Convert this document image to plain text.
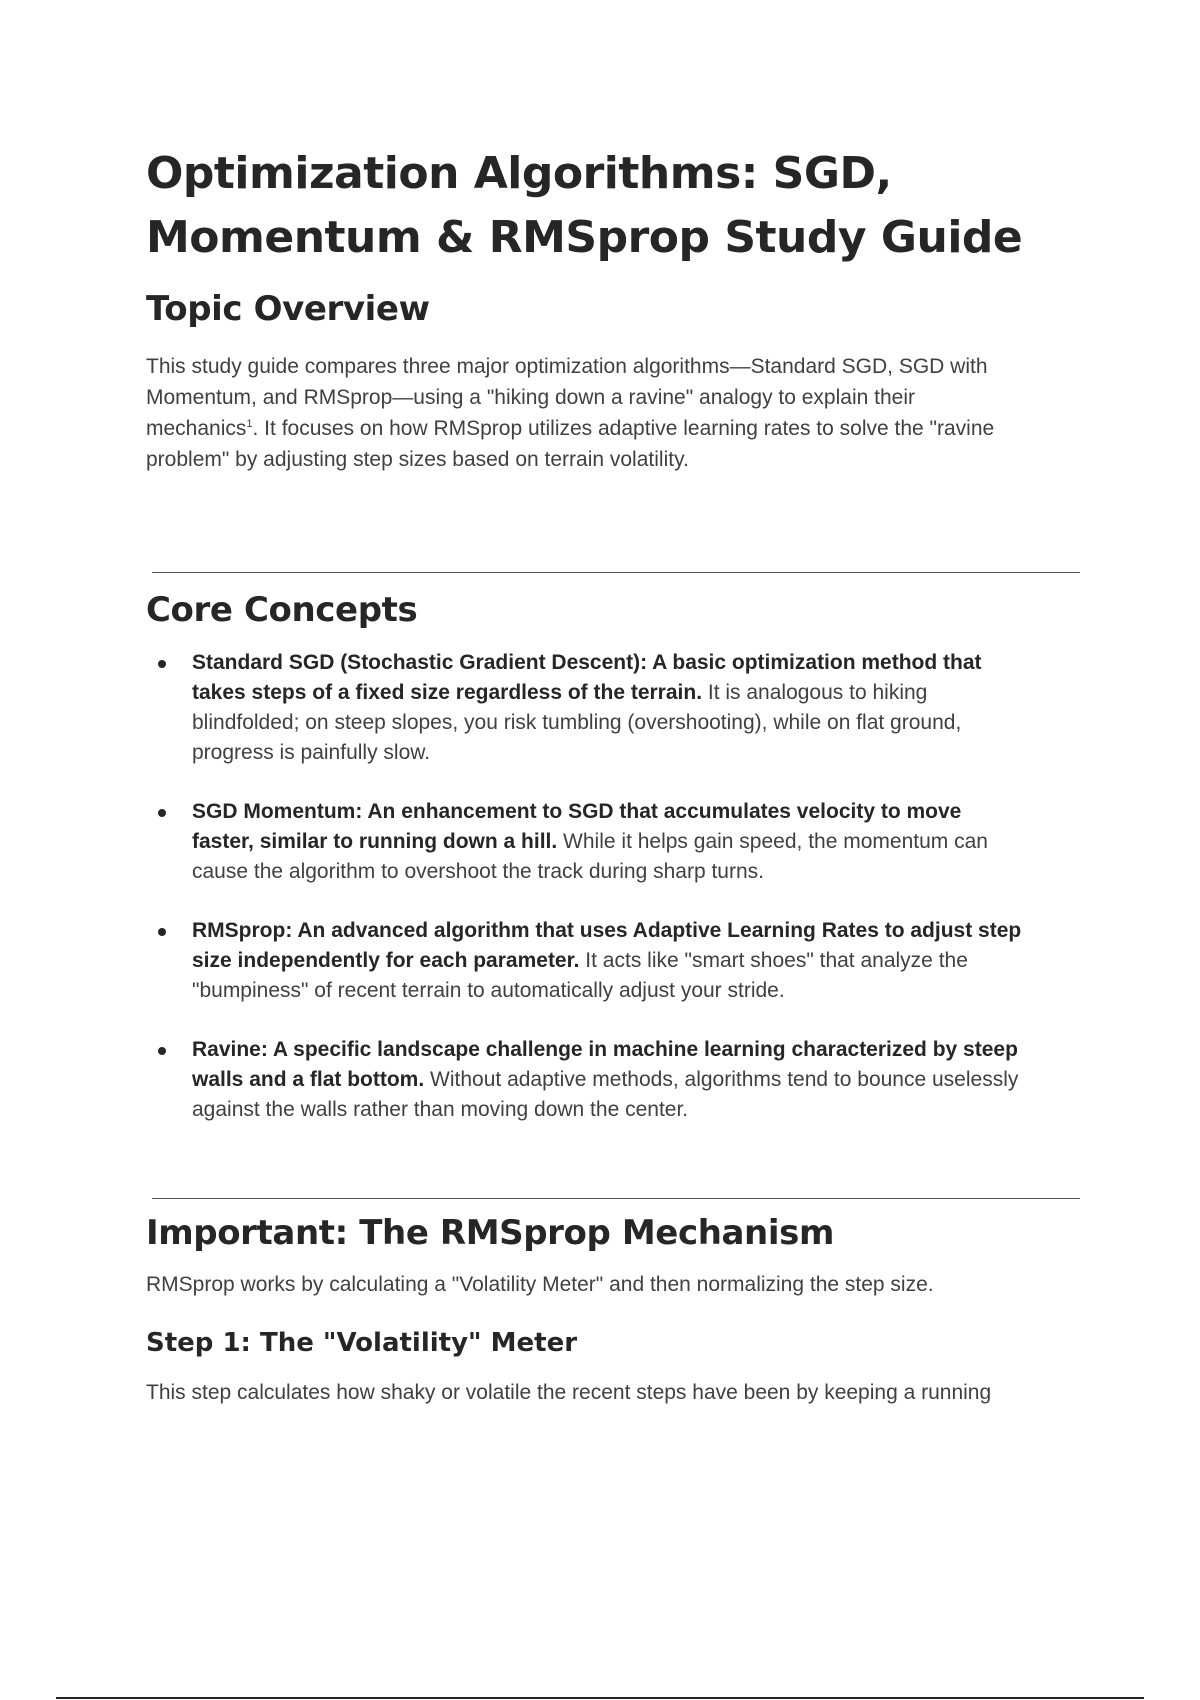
Optimization Algorithms: SGD,
Momentum & RMSprop Study Guide
Topic Overview

This study guide compares three major optimization algorithms—Standard SGD, SGD with
Momentum, and RMSprop—using a "hiking down a ravine" analogy to explain their
mechanics$^1$. It focuses on how RMSprop utilizes adaptive learning rates to solve the "ravine
problem" by adjusting step sizes based on terrain volatility.

Core Concepts
Standard SGD (Stochastic Gradient Descent): A basic optimization method that
takes steps of a fixed size regardless of the terrain. It is analogous to hiking
blindfolded; on steep slopes, you risk tumbling (overshooting), while on flat ground,
progress is painfully slow.
SGD Momentum: An enhancement to SGD that accumulates velocity to move
faster, similar to running down a hill. While it helps gain speed, the momentum can
cause the algorithm to overshoot the track during sharp turns.
RMSprop: An advanced algorithm that uses Adaptive Learning Rates to adjust step
size independently for each parameter. It acts like "smart shoes" that analyze the
"bumpiness" of recent terrain to automatically adjust your stride.
Ravine: A specific landscape challenge in machine learning characterized by steep
walls and a flat bottom. Without adaptive methods, algorithms tend to bounce uselessly
against the walls rather than moving down the center.
Important: The RMSprop Mechanism

RMSprop works by calculating a "Volatility Meter" and then normalizing the step size.

Step 1: The "Volatility" Meter

This step calculates how shaky or volatile the recent steps have been by keeping a running
